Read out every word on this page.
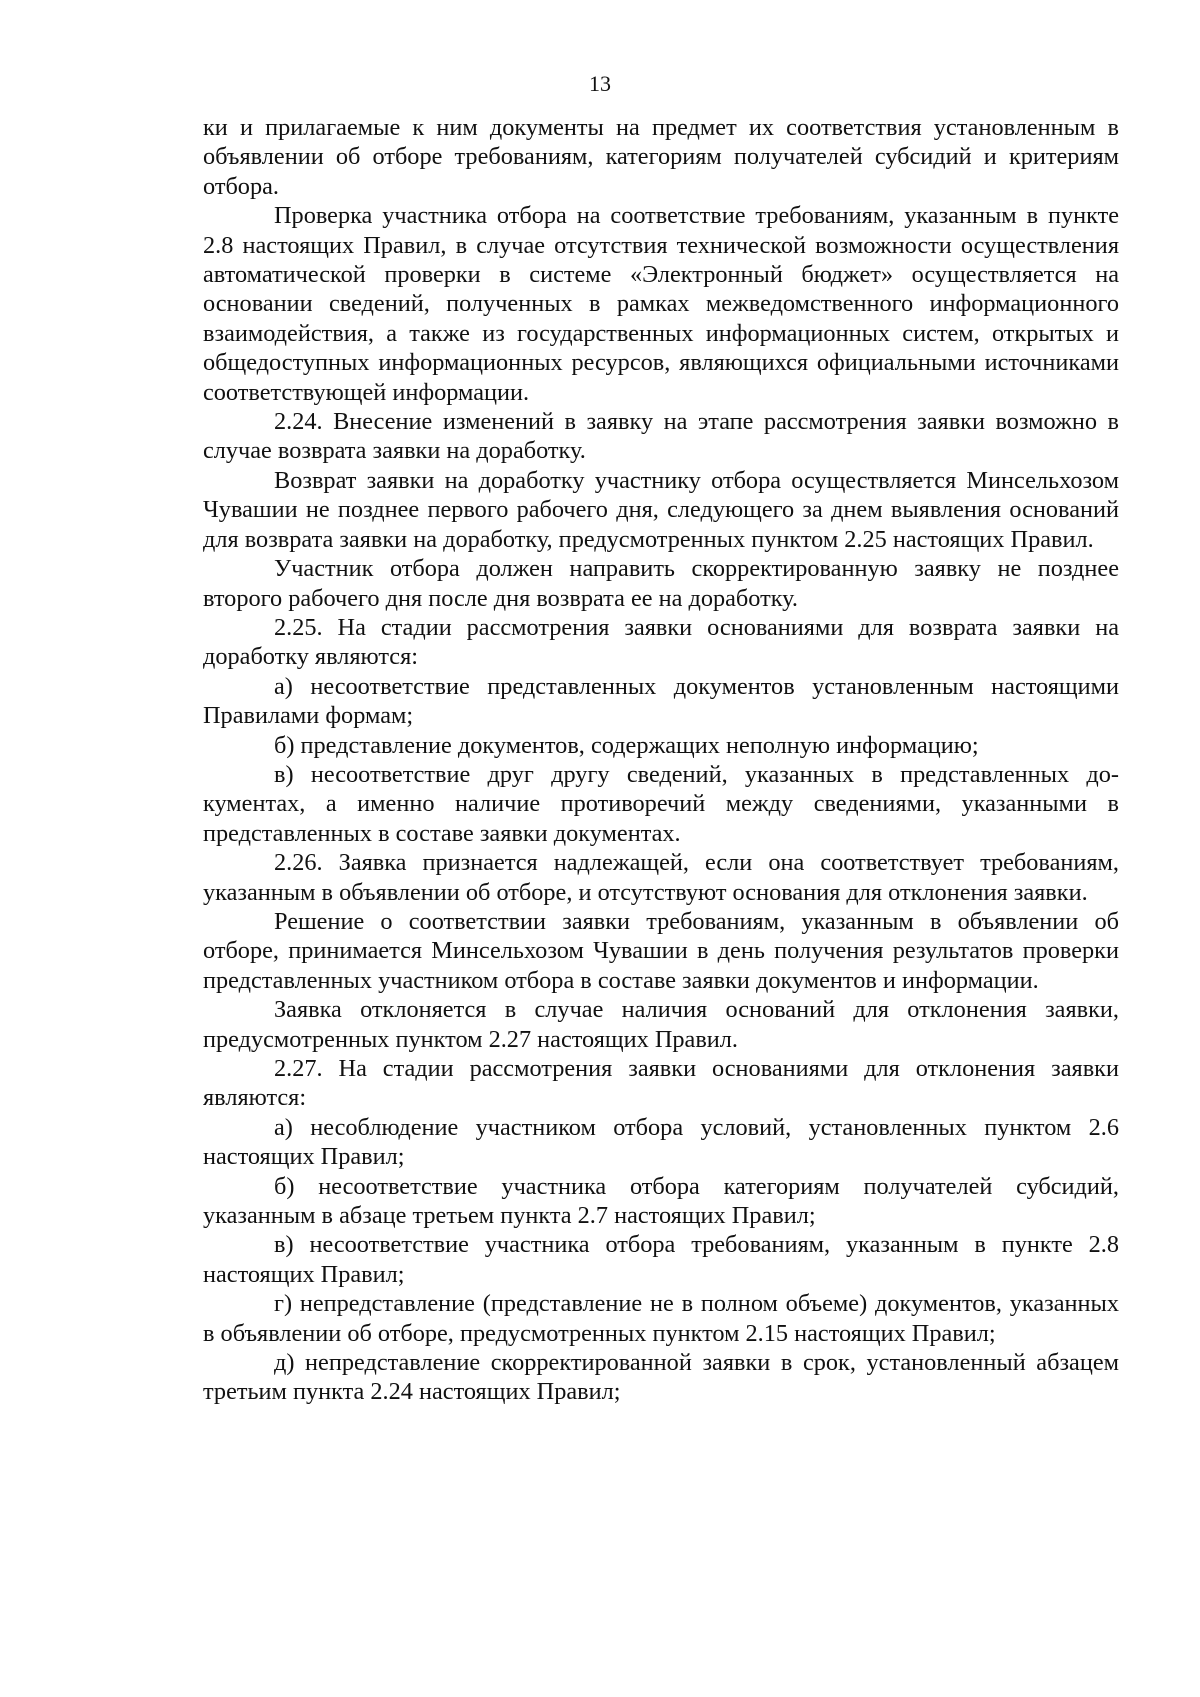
13

ки и прилагаемые к ним документы на предмет их соответствия установленным в объявлении об отборе требованиям, категориям получателей субсидий и критериям отбора.

Проверка участника отбора на соответствие требованиям, указанным в пункте 2.8 настоящих Правил, в случае отсутствия технической возможности осуществления автоматической проверки в системе «Электронный бюджет» осуществляется на основании сведений, полученных в рамках межведомственного информационного взаимодействия, а также из государственных информационных систем, открытых и общедоступных информационных ресурсов, являющихся официальными источниками соответствующей информации.

2.24. Внесение изменений в заявку на этапе рассмотрения заявки возможно в случае возврата заявки на доработку.

Возврат заявки на доработку участнику отбора осуществляется Минсельхозом Чувашии не позднее первого рабочего дня, следующего за днем выявления оснований для возврата заявки на доработку, предусмотренных пунктом 2.25 настоящих Правил.

Участник отбора должен направить скорректированную заявку не позднее второго рабочего дня после дня возврата ее на доработку.

2.25. На стадии рассмотрения заявки основаниями для возврата заявки на доработку являются:

а) несоответствие представленных документов установленным настоящими Правилами формам;

б) представление документов, содержащих неполную информацию;

в) несоответствие друг другу сведений, указанных в представленных документах, а именно наличие противоречий между сведениями, указанными в представленных в составе заявки документах.

2.26. Заявка признается надлежащей, если она соответствует требованиям, указанным в объявлении об отборе, и отсутствуют основания для отклонения заявки.

Решение о соответствии заявки требованиям, указанным в объявлении об отборе, принимается Минсельхозом Чувашии в день получения результатов проверки представленных участником отбора в составе заявки документов и информации.

Заявка отклоняется в случае наличия оснований для отклонения заявки, предусмотренных пунктом 2.27 настоящих Правил.

2.27. На стадии рассмотрения заявки основаниями для отклонения заявки являются:

а) несоблюдение участником отбора условий, установленных пунктом 2.6 настоящих Правил;

б) несоответствие участника отбора категориям получателей субсидий, указанным в абзаце третьем пункта 2.7 настоящих Правил;

в) несоответствие участника отбора требованиям, указанным в пункте 2.8 настоящих Правил;

г) непредставление (представление не в полном объеме) документов, указанных в объявлении об отборе, предусмотренных пунктом 2.15 настоящих Правил;

д) непредставление скорректированной заявки в срок, установленный абзацем третьим пункта 2.24 настоящих Правил;
